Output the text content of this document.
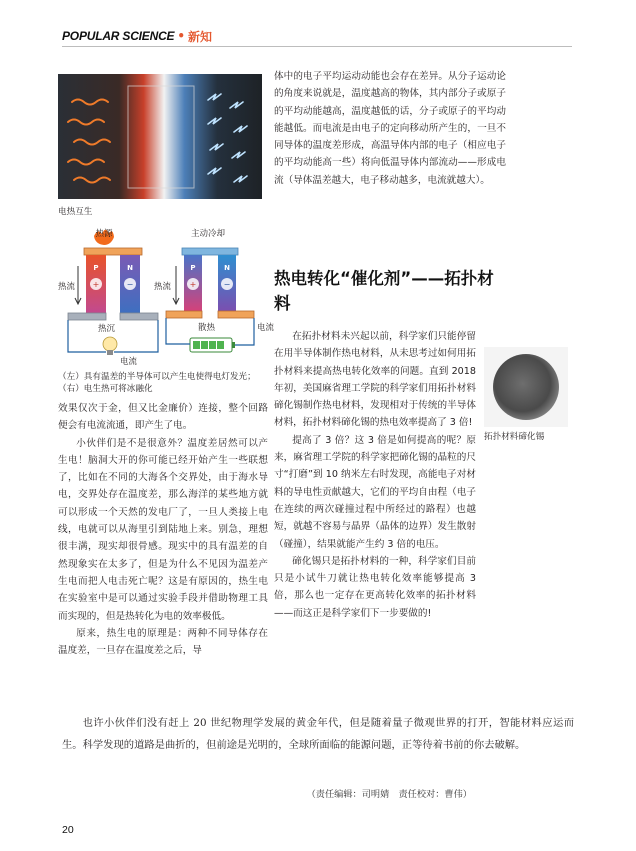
POPULAR SCIENCE • 新知
电热互生
+	−	+	−
热源	主动冷却
热流	热流
热沉	散热
电流
电流
P	N	P	N
（左）具有温差的半导体可以产生电使得电灯发光；（右）电生热可将冰融化

效果仅次于金，但又比金廉价）连接，整个回路便会有电流流通，即产生了电。

小伙伴们是不是很意外？温度差居然可以产生电！脑洞大开的你可能已经开始产生一些联想了，比如在不同的大海各个交界处，由于海水导电，交界处存在温度差，那么海洋的某些地方就可以形成一个天然的发电厂了，一旦人类接上电线，电就可以从海里引到陆地上来。别急，理想很丰满，现实却很骨感。现实中的具有温差的自然现象实在太多了，但是为什么不见因为温差产生电而把人电击死亡呢？这是有原因的，热生电在实验室中是可以通过实验手段并借助物理工具而实现的，但是热转化为电的效率极低。

原来，热生电的原理是：两种不同导体存在温度差，一旦存在温度差之后，导

体中的电子平均运动动能也会存在差异。从分子运动论的角度来说就是，温度越高的物体，其内部分子或原子的平均动能越高，温度越低的话，分子或原子的平均动能越低。而电流是由电子的定向移动所产生的，一旦不同导体的温度差形成，高温导体内部的电子（相应电子的平均动能高一些）将向低温导体内部流动——形成电流（导体温差越大，电子移动越多，电流就越大）。

热电转化“催化剂”——拓扑材料

在拓扑材料未兴起以前，科学家们只能停留在用半导体制作热电材料，从未思考过如何用拓扑材料来提高热电转化效率的问题。直到 2018 年初，美国麻省理工学院的科学家们用拓扑材料碲化锡制作热电材料，发现相对于传统的半导体材料，拓扑材料碲化锡的热电效率提高了 3 倍!

提高了 3 倍？这 3 倍是如何提高的呢？原来，麻省理工学院的科学家把碲化锡的晶粒的尺寸“打磨”到 10 纳米左右时发现，高能电子对材料的导电性贡献越大，它们的平均自由程（电子在连续的两次碰撞过程中所经过的路程）也越短，就越不容易与晶界（晶体的边界）发生散射（碰撞），结果就能产生约 3 倍的电压。

碲化锡只是拓扑材料的一种，科学家们目前只是小试牛刀就让热电转化效率能够提高 3 倍，那么也一定存在更高转化效率的拓扑材料——而这正是科学家们下一步要做的!

拓扑材料碲化锡
也许小伙伴们没有赶上 20 世纪物理学发展的黄金年代，但是随着量子微观世界的打开，智能材料应运而生。科学发现的道路是曲折的，但前途是光明的，全球所面临的能源问题，正等待着书前的你去破解。
（责任编辑：司明婧　责任校对：曹伟）
20
